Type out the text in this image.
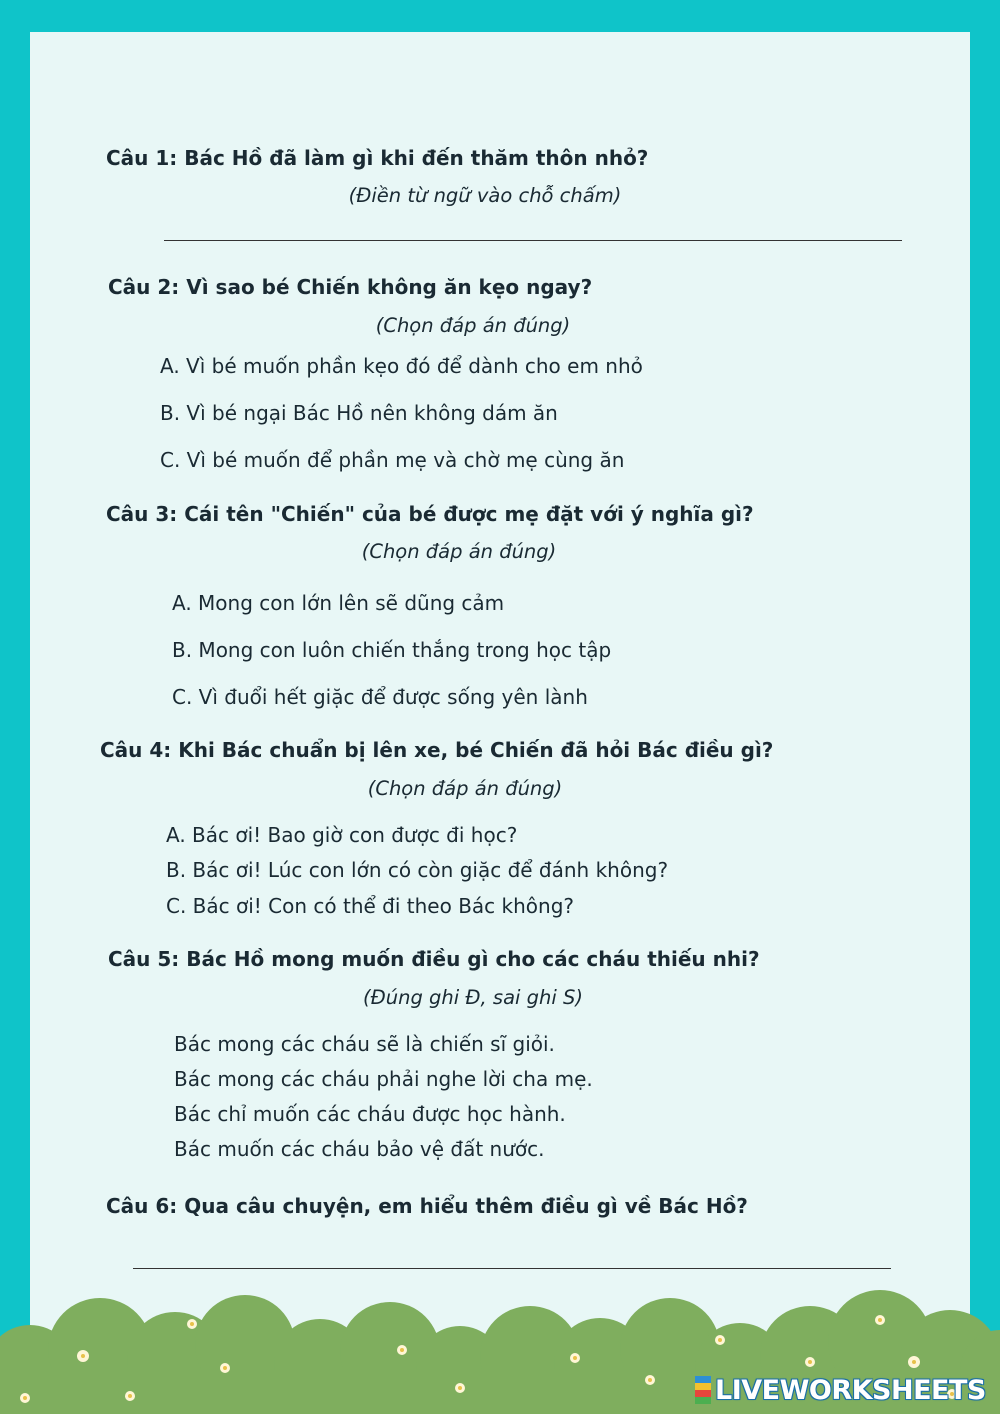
Câu 1: Bác Hồ đã làm gì khi đến thăm thôn nhỏ?
(Điền từ ngữ vào chỗ chấm)
Câu 2: Vì sao bé Chiến không ăn kẹo ngay?
(Chọn đáp án đúng)
A. Vì bé muốn phần kẹo đó để dành cho em nhỏ
B. Vì bé ngại Bác Hồ nên không dám ăn
C. Vì bé muốn để phần mẹ và chờ mẹ cùng ăn
Câu 3: Cái tên "Chiến" của bé được mẹ đặt với ý nghĩa gì?
(Chọn đáp án đúng)
A. Mong con lớn lên sẽ dũng cảm
B. Mong con luôn chiến thắng trong học tập
C. Vì đuổi hết giặc để được sống yên lành
Câu 4: Khi Bác chuẩn bị lên xe, bé Chiến đã hỏi Bác điều gì?
(Chọn đáp án đúng)
A. Bác ơi! Bao giờ con được đi học?
B. Bác ơi! Lúc con lớn có còn giặc để đánh không?
C. Bác ơi! Con có thể đi theo Bác không?
Câu 5: Bác Hồ mong muốn điều gì cho các cháu thiếu nhi?
(Đúng ghi Đ, sai ghi S)
Bác mong các cháu sẽ là chiến sĩ giỏi.
Bác mong các cháu phải nghe lời cha mẹ.
Bác chỉ muốn các cháu được học hành.
Bác muốn các cháu bảo vệ đất nước.
Câu 6: Qua câu chuyện, em hiểu thêm điều gì về Bác Hồ?
LIVEWORKSHEETS
